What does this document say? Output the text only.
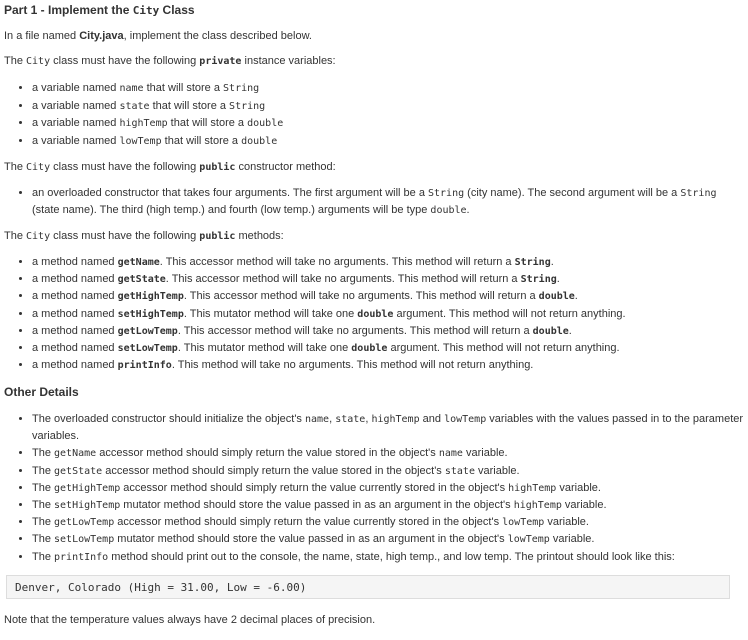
Part 1 - Implement the City Class

In a file named City.java, implement the class described below.

The City class must have the following private instance variables:

• a variable named name that will store a String
• a variable named state that will store a String
• a variable named highTemp that will store a double
• a variable named lowTemp that will store a double

The City class must have the following public constructor method:

• an overloaded constructor that takes four arguments. The first argument will be a String (city name). The second argument will be a String (state name). The third (high temp.) and fourth (low temp.) arguments will be type double.

The City class must have the following public methods:

• a method named getName. This accessor method will take no arguments. This method will return a String.
• a method named getState. This accessor method will take no arguments. This method will return a String.
• a method named getHighTemp. This accessor method will take no arguments. This method will return a double.
• a method named setHighTemp. This mutator method will take one double argument. This method will not return anything.
• a method named getLowTemp. This accessor method will take no arguments. This method will return a double.
• a method named setLowTemp. This mutator method will take one double argument. This method will not return anything.
• a method named printInfo. This method will take no arguments. This method will not return anything.
Other Details
• The overloaded constructor should initialize the object's name, state, highTemp and lowTemp variables with the values passed in to the parameter variables.
• The getName accessor method should simply return the value stored in the object's name variable.
• The getState accessor method should simply return the value stored in the object's state variable.
• The getHighTemp accessor method should simply return the value currently stored in the object's highTemp variable.
• The setHighTemp mutator method should store the value passed in as an argument in the object's highTemp variable.
• The getLowTemp accessor method should simply return the value currently stored in the object's lowTemp variable.
• The setLowTemp mutator method should store the value passed in as an argument in the object's lowTemp variable.
• The printInfo method should print out to the console, the name, state, high temp., and low temp. The printout should look like this:
Denver, Colorado (High = 31.00, Low = -6.00)

Note that the temperature values always have 2 decimal places of precision.
